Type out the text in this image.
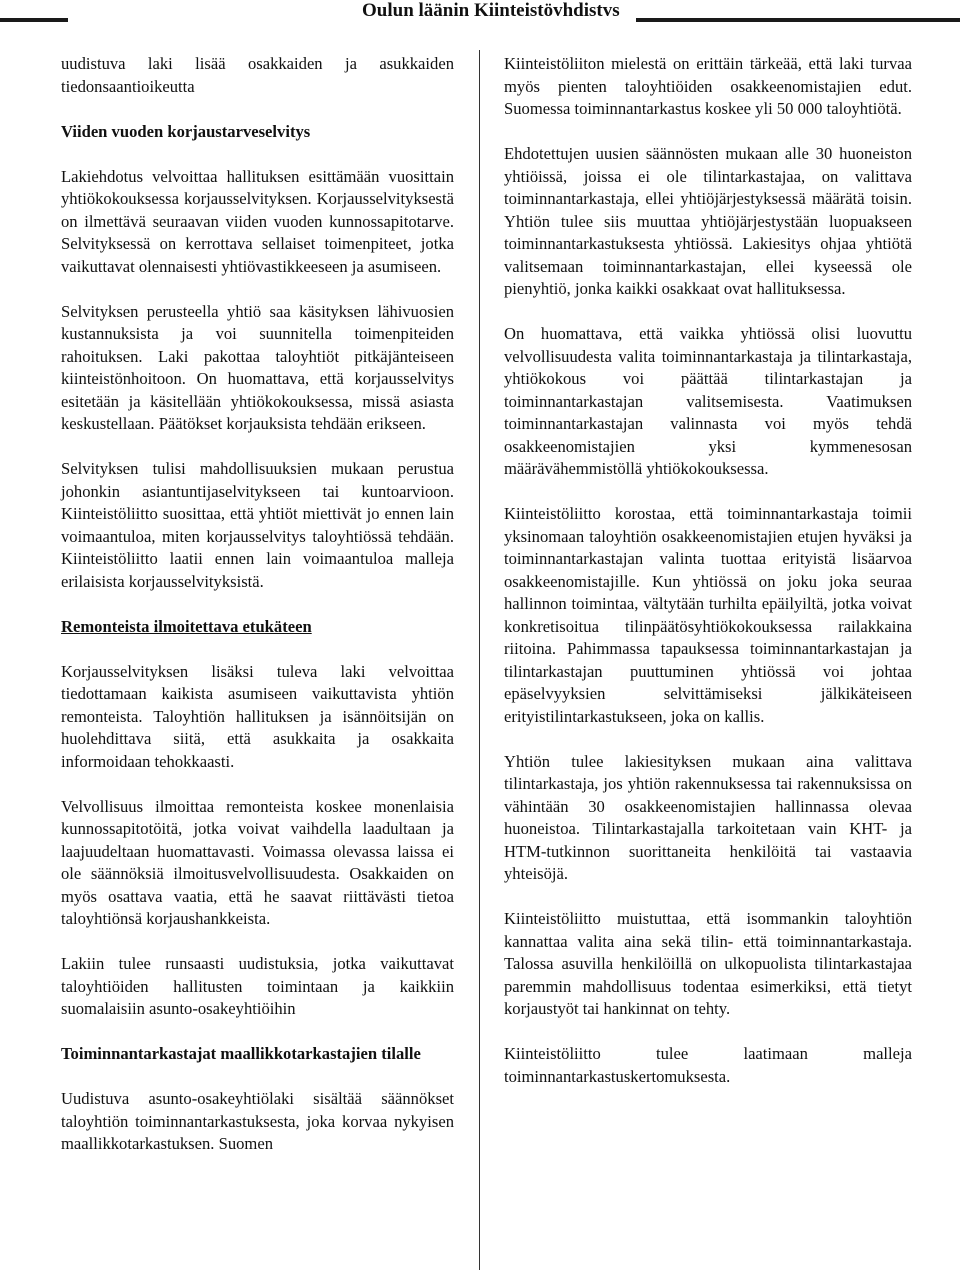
Oulun läänin Kiinteistövhdistvs

uudistuva laki lisää osakkaiden ja asukkaiden tiedonsaantioikeutta

Viiden vuoden korjaustarveselvitys

Lakiehdotus velvoittaa hallituksen esittämään vuosittain yhtiökokouksessa korjausselvityksen. Korjausselvityksestä on ilmettävä seuraavan viiden vuoden kunnossapitotarve. Selvityksessä on kerrottava sellaiset toimenpiteet, jotka vaikuttavat olennaisesti yhtiövastikkeeseen ja asumiseen.

Selvityksen perusteella yhtiö saa käsityksen lähivuosien kustannuksista ja voi suunnitella toimenpiteiden rahoituksen. Laki pakottaa taloyhtiöt pitkäjänteiseen kiinteistönhoitoon. On huomattava, että korjausselvitys esitetään ja käsitellään yhtiökokouksessa, missä asiasta keskustellaan. Päätökset korjauksista tehdään erikseen.

Selvityksen tulisi mahdollisuuksien mukaan perustua johonkin asiantuntijaselvitykseen tai kuntoarvioon. Kiinteistöliitto suosittaa, että yhtiöt miettivät jo ennen lain voimaantuloa, miten korjausselvitys taloyhtiössä tehdään. Kiinteistöliitto laatii ennen lain voimaantuloa malleja erilaisista korjausselvityksistä.

Remonteista ilmoitettava etukäteen

Korjausselvityksen lisäksi tuleva laki velvoittaa tiedottamaan kaikista asumiseen vaikuttavista yhtiön remonteista. Taloyhtiön hallituksen ja isännöitsijän on huolehdittava siitä, että asukkaita ja osakkaita informoidaan tehokkaasti.

Velvollisuus ilmoittaa remonteista koskee monenlaisia kunnossapitotöitä, jotka voivat vaihdella laadultaan ja laajuudeltaan huomattavasti. Voimassa olevassa laissa ei ole säännöksiä ilmoitusvelvollisuudesta. Osakkaiden on myös osattava vaatia, että he saavat riittävästi tietoa taloyhtiönsä korjaushankkeista.

Lakiin tulee runsaasti uudistuksia, jotka vaikuttavat taloyhtiöiden hallitusten toimintaan ja kaikkiin suomalaisiin asunto-osakeyhtiöihin

Toiminnantarkastajat maallikkotarkastajien tilalle

Uudistuva asunto-osakeyhtiölaki sisältää säännökset taloyhtiön toiminnantarkastuksesta, joka korvaa nykyisen maallikkotarkastuksen. Suomen

Kiinteistöliiton mielestä on erittäin tärkeää, että laki turvaa myös pienten taloyhtiöiden osakkeenomistajien edut. Suomessa toiminnantarkastus koskee yli 50 000 taloyhtiötä.

Ehdotettujen uusien säännösten mukaan alle 30 huoneiston yhtiöissä, joissa ei ole tilintarkastajaa, on valittava toiminnantarkastaja, ellei yhtiöjärjestyksessä määrätä toisin. Yhtiön tulee siis muuttaa yhtiöjärjestystään luopuakseen toiminnantarkastuksesta yhtiössä. Lakiesitys ohjaa yhtiötä valitsemaan toiminnantarkastajan, ellei kyseessä ole pienyhtiö, jonka kaikki osakkaat ovat hallituksessa.

On huomattava, että vaikka yhtiössä olisi luovuttu velvollisuudesta valita toiminnantarkastaja ja tilintarkastaja, yhtiökokous voi päättää tilintarkastajan ja toiminnantarkastajan valitsemisesta. Vaatimuksen toiminnantarkastajan valinnasta voi myös tehdä osakkeenomistajien yksi kymmenesosan määrävähemmistöllä yhtiökokouksessa.

Kiinteistöliitto korostaa, että toiminnantarkastaja toimii yksinomaan taloyhtiön osakkeenomistajien etujen hyväksi ja toiminnantarkastajan valinta tuottaa erityistä lisäarvoa osakkeenomistajille. Kun yhtiössä on joku joka seuraa hallinnon toimintaa, vältytään turhilta epäilyiltä, jotka voivat konkretisoitua tilinpäätösyhtiökokouksessa railakkaina riitoina. Pahimmassa tapauksessa toiminnantarkastajan ja tilintarkastajan puuttuminen yhtiössä voi johtaa epäselvyyksien selvittämiseksi jälkikäteiseen erityistilintarkastukseen, joka on kallis.

Yhtiön tulee lakiesityksen mukaan aina valittava tilintarkastaja, jos yhtiön rakennuksessa tai rakennuksissa on vähintään 30 osakkeenomistajien hallinnassa olevaa huoneistoa. Tilintarkastajalla tarkoitetaan vain KHT- ja HTM-tutkinnon suorittaneita henkilöitä tai vastaavia yhteisöjä.

Kiinteistöliitto muistuttaa, että isommankin taloyhtiön kannattaa valita aina sekä tilin- että toiminnantarkastaja. Talossa asuvilla henkilöillä on ulkopuolista tilintarkastajaa paremmin mahdollisuus todentaa esimerkiksi, että tietyt korjaustyöt tai hankinnat on tehty.

Kiinteistöliitto tulee laatimaan malleja toiminnantarkastuskertomuksesta.
